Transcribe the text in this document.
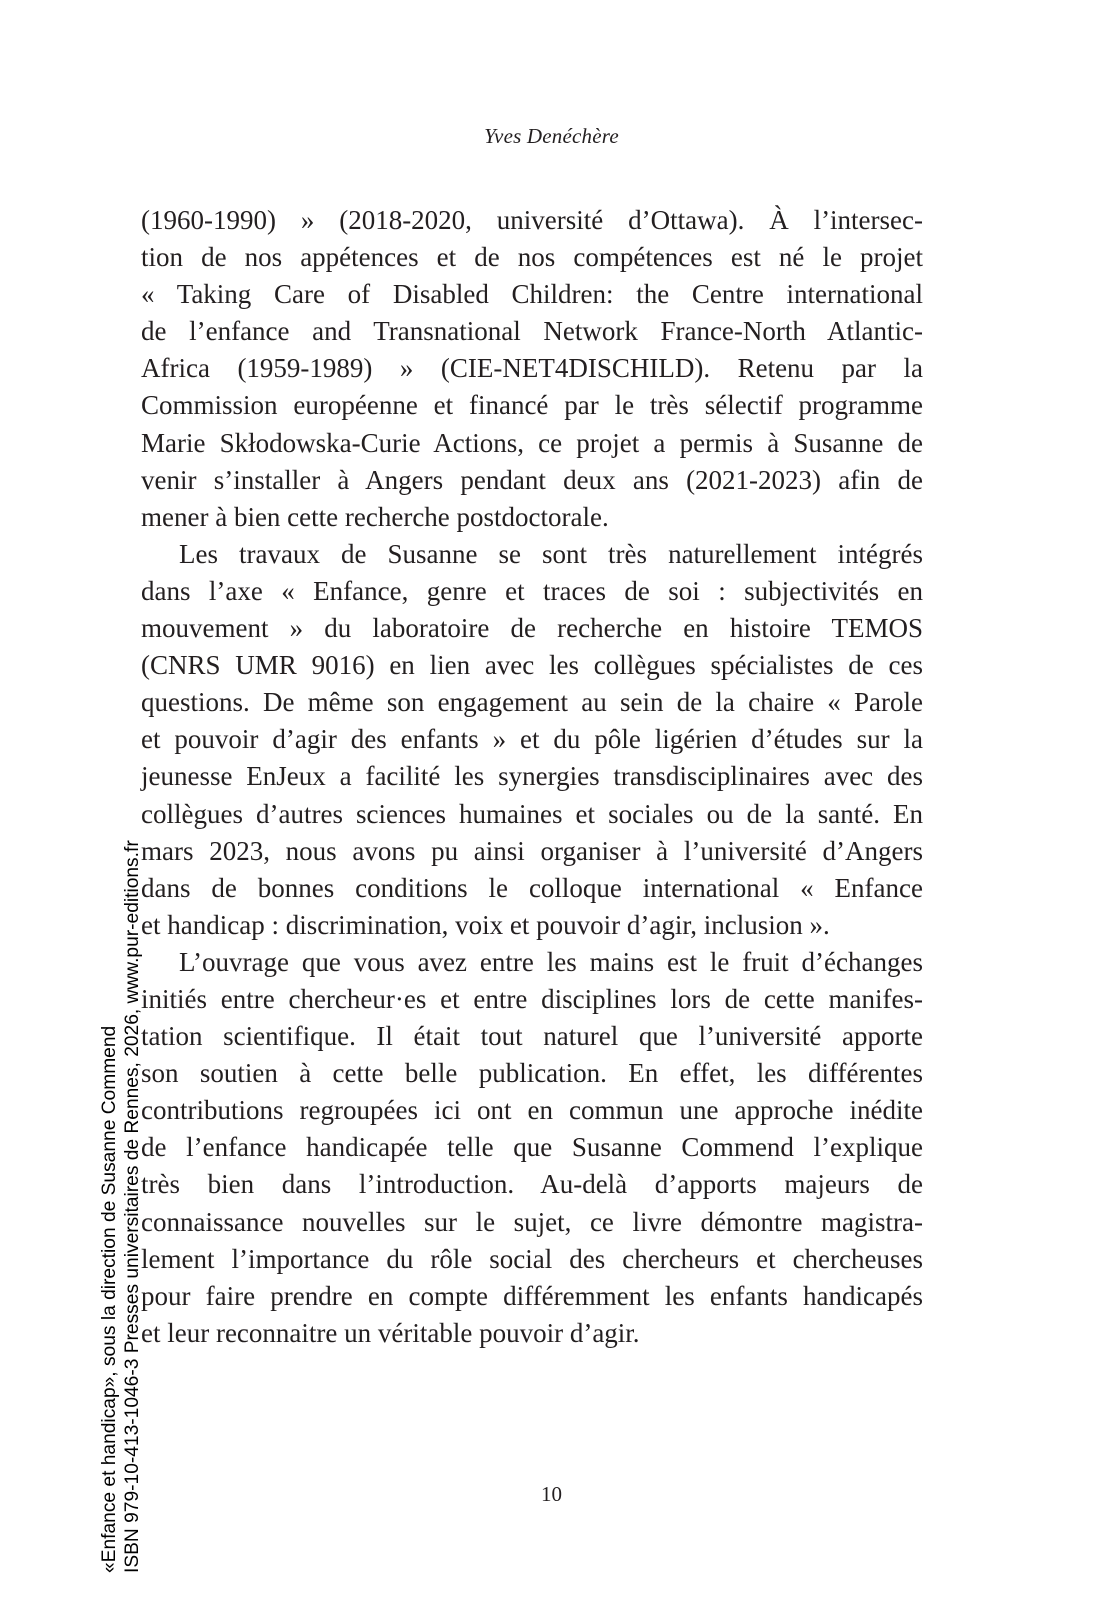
Yves Denéchère
(1960-1990) » (2018-2020, université d’Ottawa). À l’intersec-
tion de nos appétences et de nos compétences est né le projet
« Taking Care of Disabled Children: the Centre international
de l’enfance and Transnational Network France-North Atlantic-
Africa (1959-1989) » (CIE-NET4DISCHILD). Retenu par la
Commission européenne et financé par le très sélectif programme
Marie Skłodowska-Curie Actions, ce projet a permis à Susanne de
venir s’installer à Angers pendant deux ans (2021-2023) afin de
mener à bien cette recherche postdoctorale.
Les travaux de Susanne se sont très naturellement intégrés
dans l’axe « Enfance, genre et traces de soi : subjectivités en
mouvement » du laboratoire de recherche en histoire TEMOS
(CNRS UMR 9016) en lien avec les collègues spécialistes de ces
questions. De même son engagement au sein de la chaire « Parole
et pouvoir d’agir des enfants » et du pôle ligérien d’études sur la
jeunesse EnJeux a facilité les synergies transdisciplinaires avec des
collègues d’autres sciences humaines et sociales ou de la santé. En
mars 2023, nous avons pu ainsi organiser à l’université d’Angers
dans de bonnes conditions le colloque international « Enfance
et handicap : discrimination, voix et pouvoir d’agir, inclusion ».
L’ouvrage que vous avez entre les mains est le fruit d’échanges
initiés entre chercheur·es et entre disciplines lors de cette manifes-
tation scientifique. Il était tout naturel que l’université apporte
son soutien à cette belle publication. En effet, les différentes
contributions regroupées ici ont en commun une approche inédite
de l’enfance handicapée telle que Susanne Commend l’explique
très bien dans l’introduction. Au-delà d’apports majeurs de
connaissance nouvelles sur le sujet, ce livre démontre magistra-
lement l’importance du rôle social des chercheurs et chercheuses
pour faire prendre en compte différemment les enfants handicapés
et leur reconnaitre un véritable pouvoir d’agir.
10
«Enfance et handicap», sous la direction de Susanne Commend ISBN 979-10-413-1046-3 Presses universitaires de Rennes, 2026, www.pur-editions.fr
